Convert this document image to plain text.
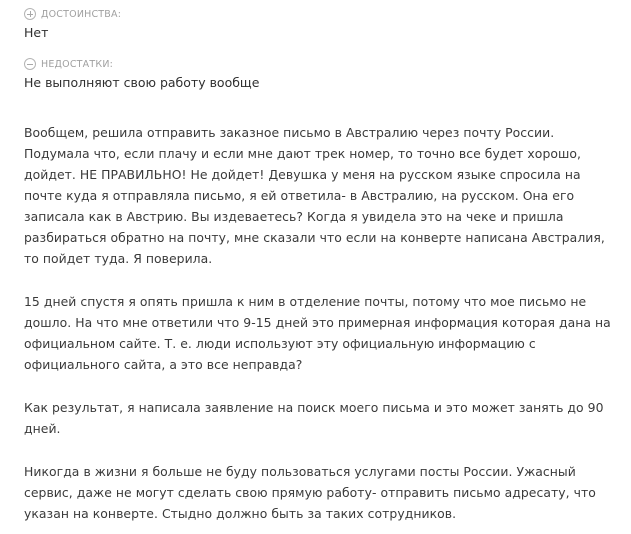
ДОСТОИНСТВА:
Нет
НЕДОСТАТКИ:
Не выполняют свою работу вообще

Вообщем, решила отправить заказное письмо в Австралию через почту России. Подумала что, если плачу и если мне дают трек номер, то точно все будет хорошо, дойдет. НЕ ПРАВИЛЬНО! Не дойдет! Девушка у меня на русском языке спросила на почте куда я отправляла письмо, я ей ответила- в Австралию, на русском. Она его записала как в Австрию. Вы издеваетесь? Когда я увидела это на чеке и пришла разбираться обратно на почту, мне сказали что если на конверте написана Австралия, то пойдет туда. Я поверила.

15 дней спустя я опять пришла к ним в отделение почты, потому что мое письмо не дошло. На что мне ответили что 9-15 дней это примерная информация которая дана на официальном сайте. Т. е. люди используют эту официальную информацию с официального сайта, а это все неправда?

Как результат, я написала заявление на поиск моего письма и это может занять до 90 дней.

Никогда в жизни я больше не буду пользоваться услугами посты России. Ужасный сервис, даже не могут сделать свою прямую работу- отправить письмо адресату, что указан на конверте. Стыдно должно быть за таких сотрудников.
